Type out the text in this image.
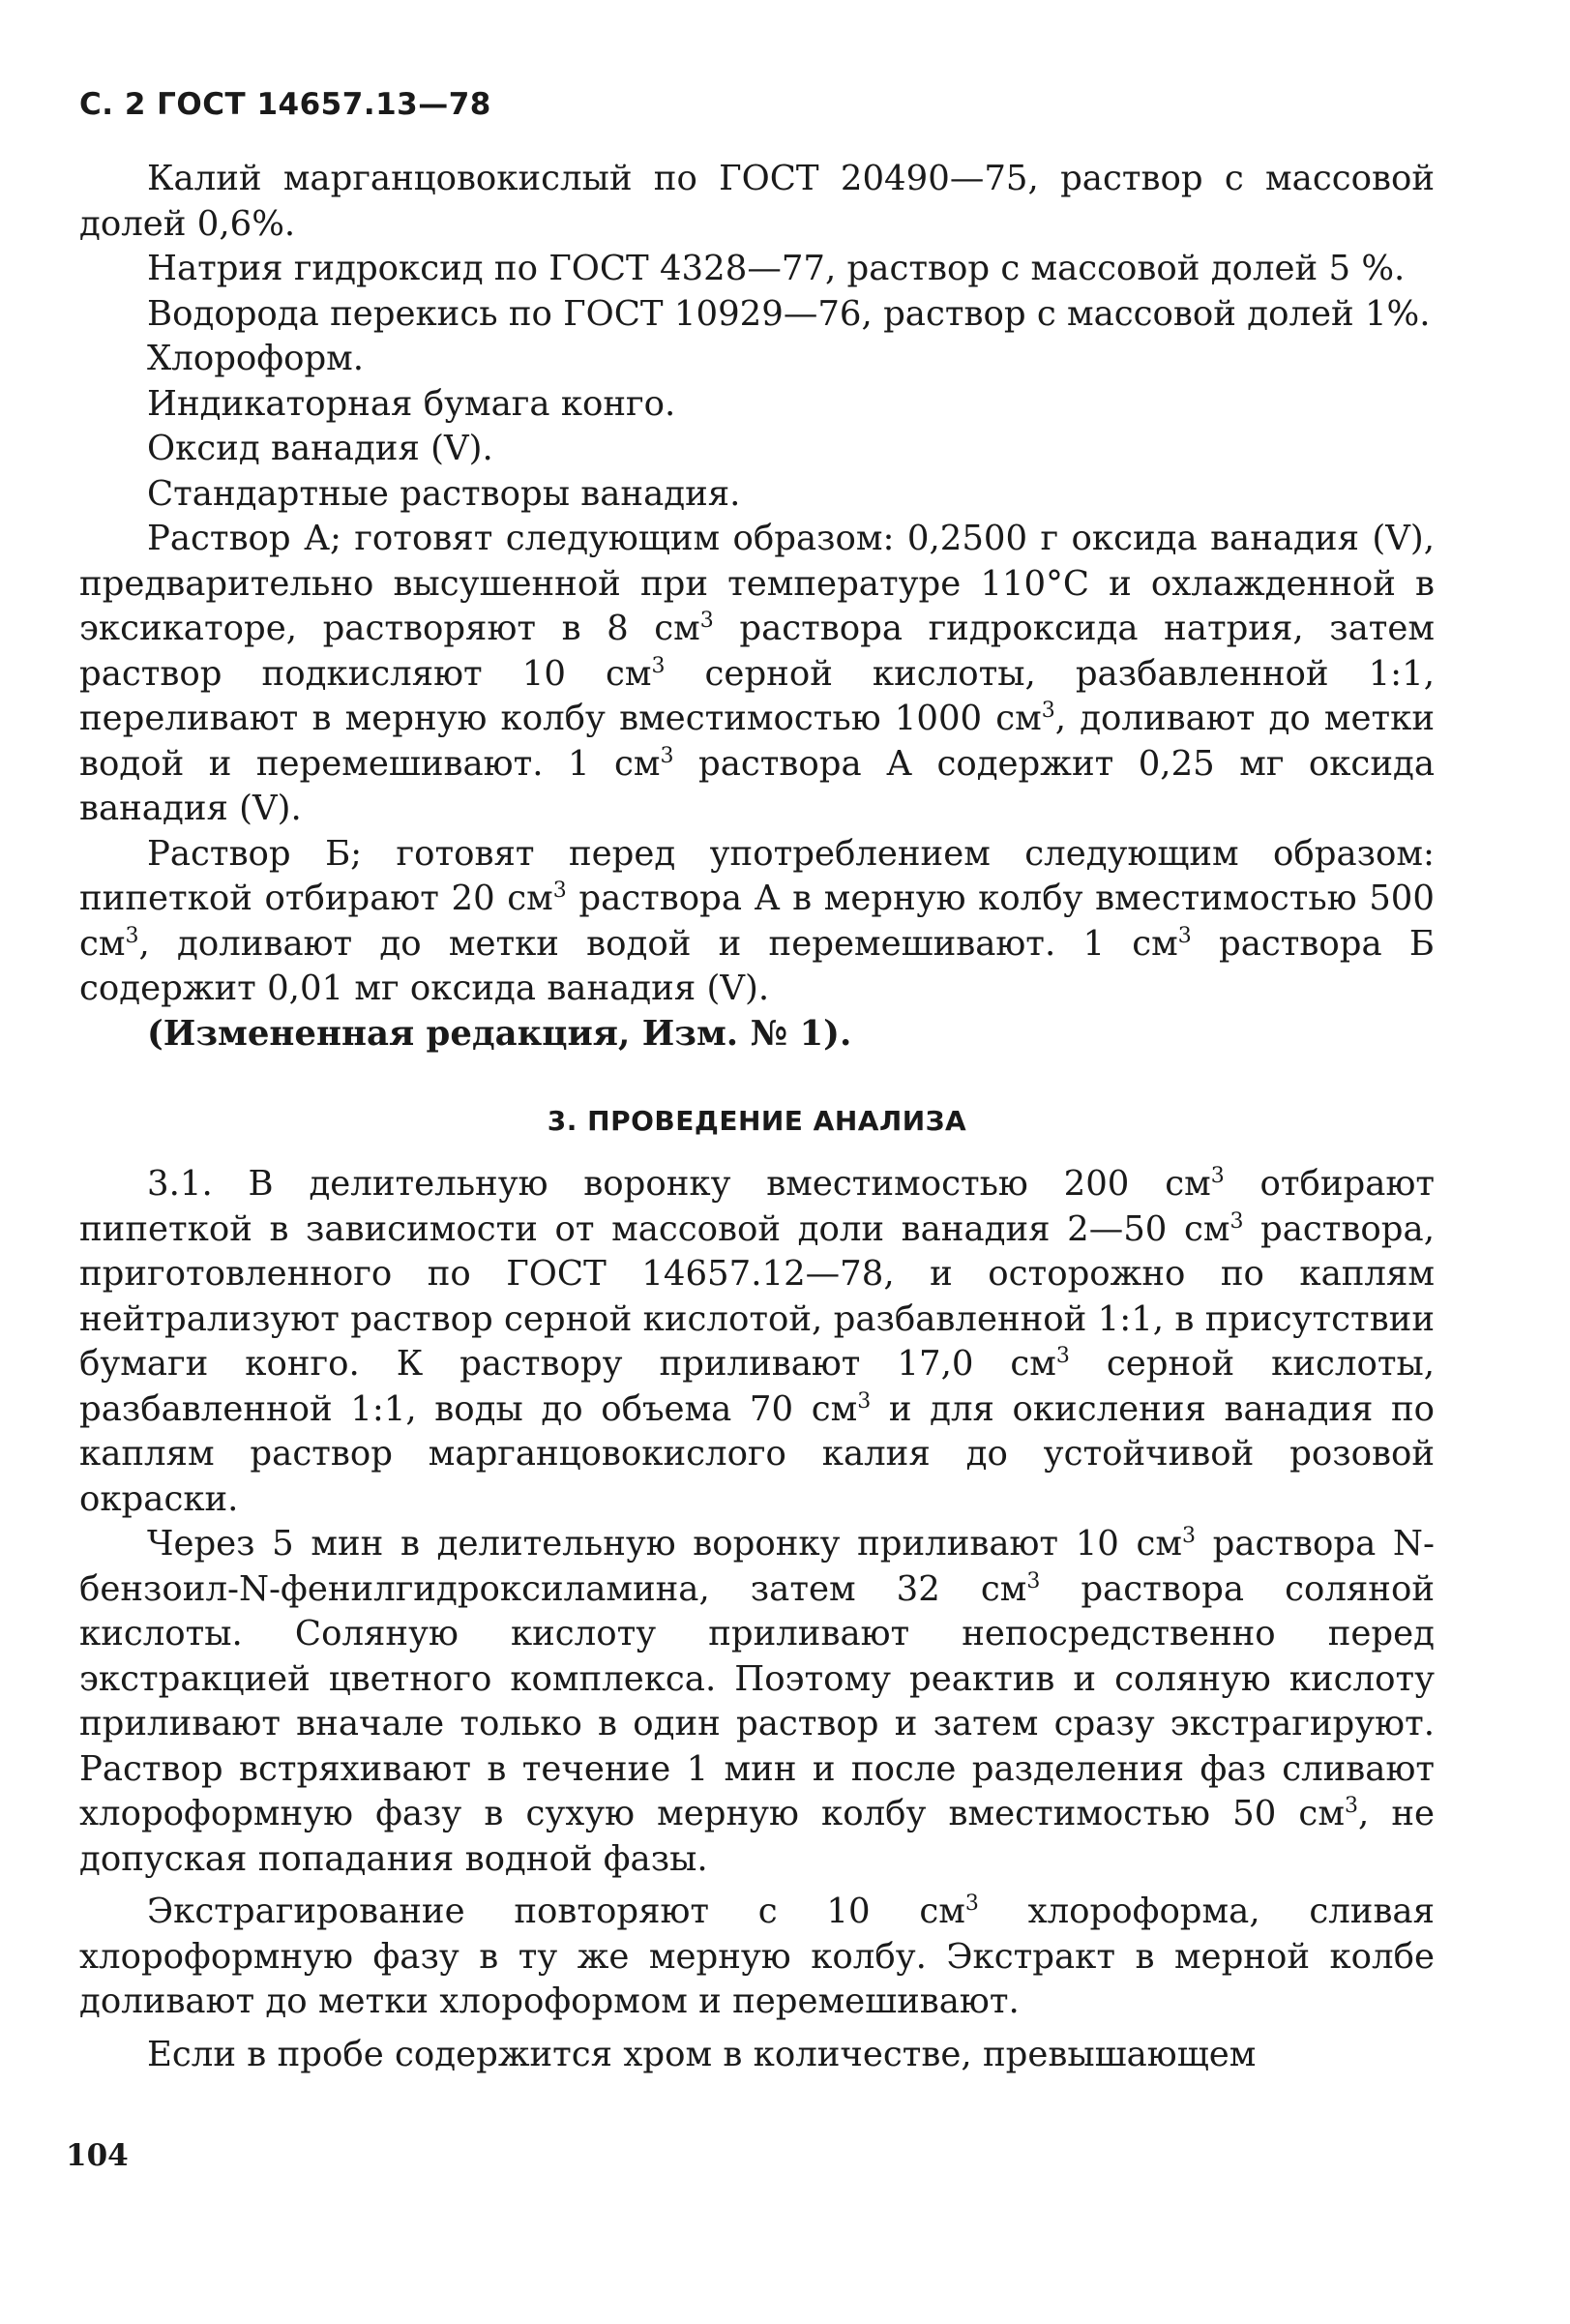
С. 2 ГОСТ 14657.13—78

Калий марганцовокислый по ГОСТ 20490—75, раствор с массовой долей 0,6%.

Натрия гидроксид по ГОСТ 4328—77, раствор с массовой долей 5 %.

Водорода перекись по ГОСТ 10929—76, раствор с массовой долей 1%.

Хлороформ.

Индикаторная бумага конго.

Оксид ванадия (V).

Стандартные растворы ванадия.

Раствор А; готовят следующим образом: 0,2500 г оксида ванадия (V), предварительно высушенной при температуре 110°С и охлажденной в эксикаторе, растворяют в 8 $см^3$ раствора гидроксида натрия, затем раствор подкисляют 10 $см^3$ серной кислоты, разбавленной 1:1, переливают в мерную колбу вместимостью 1000 $см^3$, доливают до метки водой и перемешивают. 1 $см^3$ раствора А содержит 0,25 мг оксида ванадия (V).

Раствор Б; готовят перед употреблением следующим образом: пипеткой отбирают 20 $см^3$ раствора А в мерную колбу вместимостью 500 $см^3$, доливают до метки водой и перемешивают. 1 $см^3$ раствора Б содержит 0,01 мг оксида ванадия (V).

(Измененная редакция, Изм. № 1).

3. ПРОВЕДЕНИЕ АНАЛИЗА

3.1. В делительную воронку вместимостью 200 $см^3$ отбирают пипеткой в зависимости от массовой доли ванадия 2—50 $см^3$ раствора, приготовленного по ГОСТ 14657.12—78, и осторожно по каплям нейтрализуют раствор серной кислотой, разбавленной 1:1, в присутствии бумаги конго. К раствору приливают 17,0 $см^3$ серной кислоты, разбавленной 1:1, воды до объема 70 $см^3$ и для окисления ванадия по каплям раствор марганцовокислого калия до устойчивой розовой окраски.

Через 5 мин в делительную воронку приливают 10 $см^3$ раствора N-бензоил-N-фенилгидроксиламина, затем 32 $см^3$ раствора соляной кислоты. Соляную кислоту приливают непосредственно перед экстракцией цветного комплекса. Поэтому реактив и соляную кислоту приливают вначале только в один раствор и затем сразу экстрагируют. Раствор встряхивают в течение 1 мин и после разделения фаз сливают хлороформную фазу в сухую мерную колбу вместимостью 50 $см^3$, не допуская попадания водной фазы.

Экстрагирование повторяют с 10 $см^3$ хлороформа, сливая хлороформную фазу в ту же мерную колбу. Экстракт в мерной колбе доливают до метки хлороформом и перемешивают.

Если в пробе содержится хром в количестве, превышающем

104
